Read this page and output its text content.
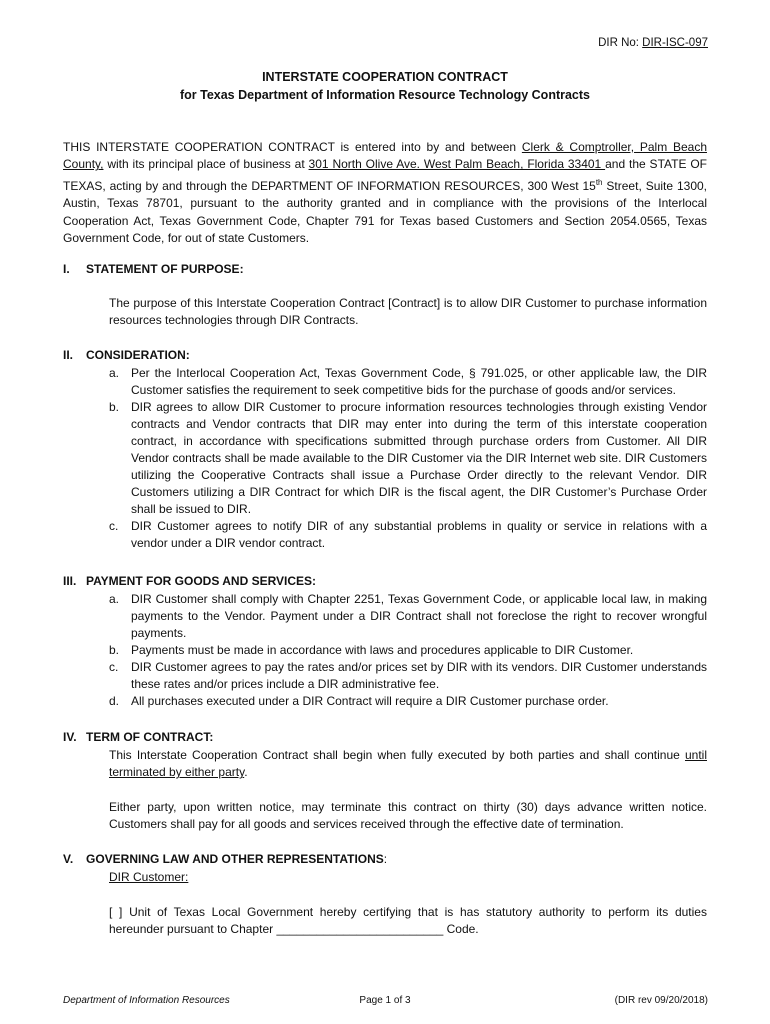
DIR No: DIR-ISC-097
INTERSTATE COOPERATION CONTRACT
for Texas Department of Information Resource Technology Contracts
THIS INTERSTATE COOPERATION CONTRACT is entered into by and between Clerk & Comptroller, Palm Beach County, with its principal place of business at 301 North Olive Ave. West Palm Beach, Florida 33401 and the STATE OF TEXAS, acting by and through the DEPARTMENT OF INFORMATION RESOURCES, 300 West 15th Street, Suite 1300, Austin, Texas 78701, pursuant to the authority granted and in compliance with the provisions of the Interlocal Cooperation Act, Texas Government Code, Chapter 791 for Texas based Customers and Section 2054.0565, Texas Government Code, for out of state Customers.
I. STATEMENT OF PURPOSE:
The purpose of this Interstate Cooperation Contract [Contract] is to allow DIR Customer to purchase information resources technologies through DIR Contracts.
II. CONSIDERATION:
a. Per the Interlocal Cooperation Act, Texas Government Code, § 791.025, or other applicable law, the DIR Customer satisfies the requirement to seek competitive bids for the purchase of goods and/or services.
b. DIR agrees to allow DIR Customer to procure information resources technologies through existing Vendor contracts and Vendor contracts that DIR may enter into during the term of this interstate cooperation contract, in accordance with specifications submitted through purchase orders from Customer. All DIR Vendor contracts shall be made available to the DIR Customer via the DIR Internet web site. DIR Customers utilizing the Cooperative Contracts shall issue a Purchase Order directly to the relevant Vendor. DIR Customers utilizing a DIR Contract for which DIR is the fiscal agent, the DIR Customer’s Purchase Order shall be issued to DIR.
c. DIR Customer agrees to notify DIR of any substantial problems in quality or service in relations with a vendor under a DIR vendor contract.
III. PAYMENT FOR GOODS AND SERVICES:
a. DIR Customer shall comply with Chapter 2251, Texas Government Code, or applicable local law, in making payments to the Vendor. Payment under a DIR Contract shall not foreclose the right to recover wrongful payments.
b. Payments must be made in accordance with laws and procedures applicable to DIR Customer.
c. DIR Customer agrees to pay the rates and/or prices set by DIR with its vendors. DIR Customer understands these rates and/or prices include a DIR administrative fee.
d. All purchases executed under a DIR Contract will require a DIR Customer purchase order.
IV. TERM OF CONTRACT:
This Interstate Cooperation Contract shall begin when fully executed by both parties and shall continue until terminated by either party.
Either party, upon written notice, may terminate this contract on thirty (30) days advance written notice. Customers shall pay for all goods and services received through the effective date of termination.
V. GOVERNING LAW AND OTHER REPRESENTATIONS:
DIR Customer:
[ ] Unit of Texas Local Government hereby certifying that is has statutory authority to perform its duties hereunder pursuant to Chapter _________________________ Code.
Department of Information Resources	Page 1 of 3	(DIR rev 09/20/2018)
